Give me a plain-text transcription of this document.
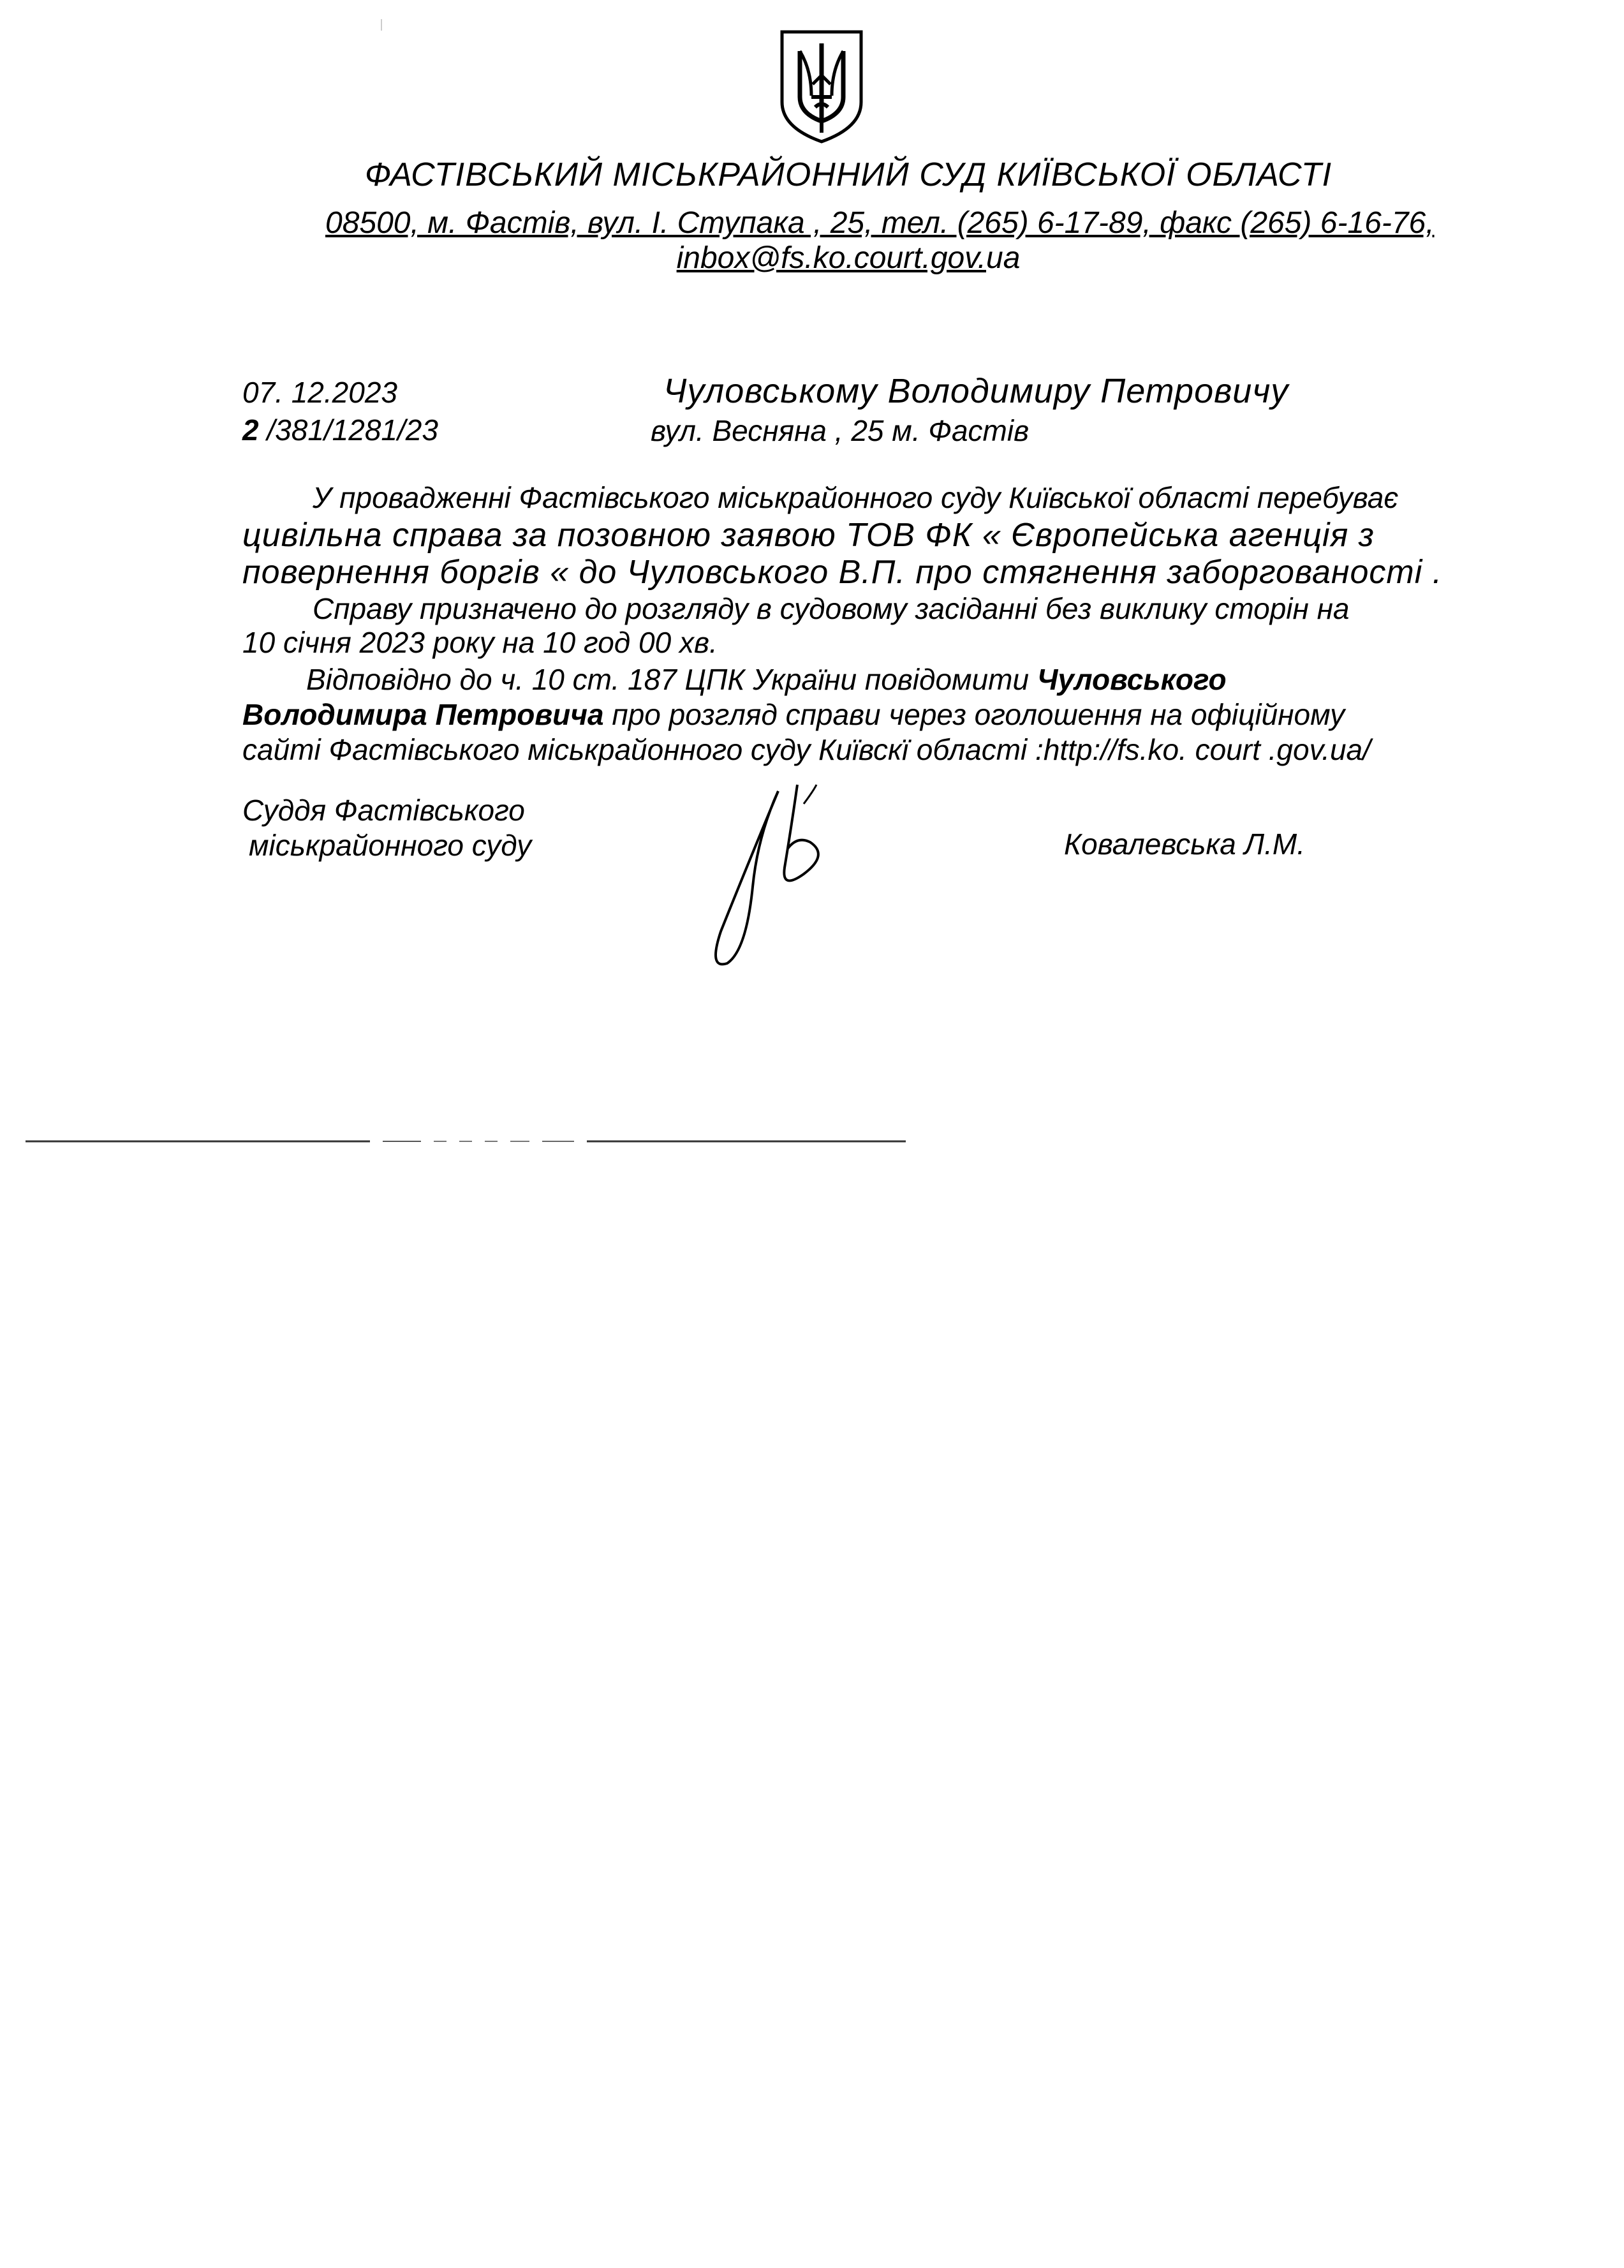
ФАСТІВСЬКИЙ МІСЬКРАЙОННИЙ СУД КИЇВСЬКОЇ ОБЛАСТІ
08500, м. Фастів, вул. І. Ступака , 25, тел. (265) 6-17-89, факс (265) 6-16-76,
inbox@fs.ko.court.gov.ua
07. 12.2023
2 /381/1281/23
Чуловському Володимиру Петровичу
вул. Весняна , 25 м. Фастів
У провадженні Фастівського міськрайонного суду Київської області перебуває
цивільна справа за позовною заявою ТОВ ФК « Європейська агенція з
повернення боргів « до Чуловського В.П. про стягнення заборгованості .
Справу призначено до розгляду в судовому засіданні без виклику сторін на
10 січня 2023 року на 10 год 00 хв.
Відповідно до ч. 10 ст. 187 ЦПК України повідомити Чуловського
Володимира Петровича про розгляд справи через оголошення на офіційному
сайті Фастівського міськрайонного суду Київскї області :http://fs.ko. court .gov.ua/
Суддя Фастівського
міськрайонного суду	Ковалевська Л.М.
